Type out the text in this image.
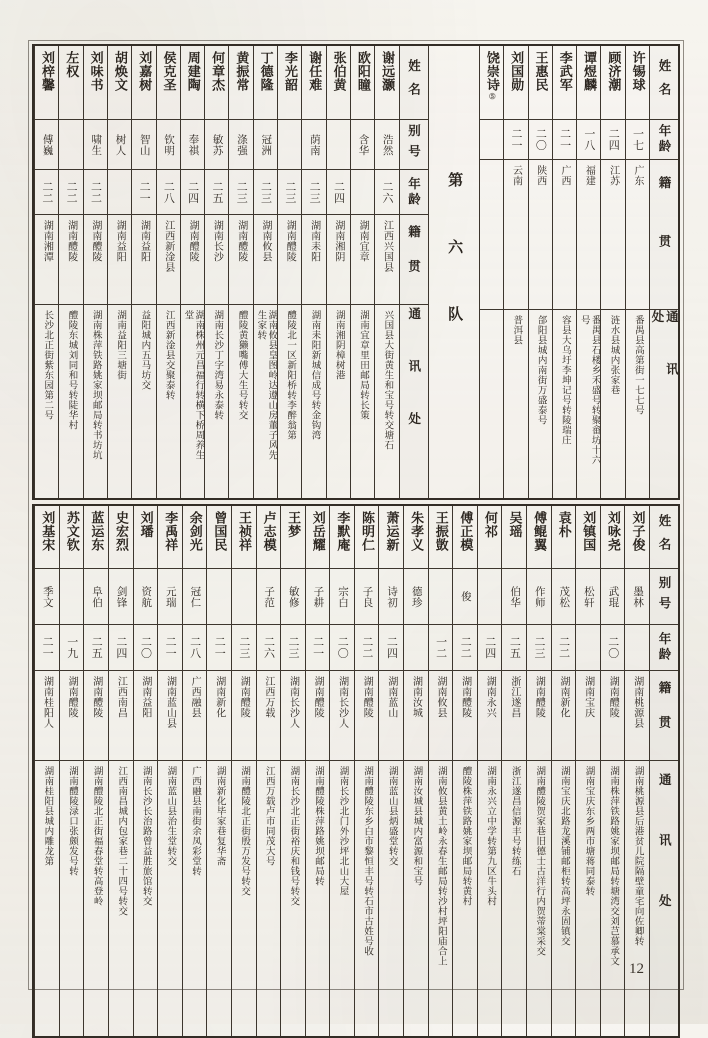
姓名
年龄
籍贯
通讯处
许锡球
一七
广东
番禺县高第街一七七号
顾济潮
二四
江苏
涟水县城内张家巷
谭煜麟
一八
福建
番禺县石楼乡禾盛号转聚畲坊十六号
李武军
二一
广西
容县大乌圩李坤记号转陵瑞庄
王惠民
二〇
陕西
郃阳县城内南街万盛泰号
刘国勋
二一
云南
普洱县
饶崇诗⑤
第六队
姓名
别号
年龄
籍贯
通讯处
谢远灏
浩然
二六
江西兴国县
兴国县大街黄生和宝号转交塘石
欧阳瞳
含华
湖南宜章
湖南宜章里田邮局转长策
张伯黄
二四
湖南湘阴
湖南湘阴樟树港
谢任难
荫南
二三
湖南耒阳
湖南耒阳新城信成号转金钩湾
李光韶
二三
湖南醴陵
醴陵北一区新阳桥转李醉翁第
丁德隆
冠洲
二三
湖南攸县
湖南攸县皇图岭达遵山房董子风先生家转
黄振常
涤强
二三
湖南醴陵
醴陵黄獭嘴傅大生号转交
何章杰
敏苏
二五
湖南长沙
湖南长沙丁字湾易永泰转
周建陶
奉祺
二四
湖南醴陵
湖南株州元昌福行转横下桥周养生堂
侯克圣
钦明
二八
江西新淦县
江西新淦县交聚泰转
刘嘉树
智山
二一
湖南益阳
益阳城内五马坊交
胡焕文
树人
湖南益阳
湖南益阳三塘街
刘味书
啸生
二二
湖南醴陵
湖南株萍铁路姚家坝邮局转书坊坑
左权
二二
湖南醴陵
醴陵东城刘同和号转陡华村
刘梓馨
傅巍
二二
湖南湘潭
长沙北正街紫东园第二号
姓名
别号
年龄
籍贯
通讯处
刘子俊
墨林
湖南桃源县
湖南桃源县后港贫儿院隔壁童宅向佐卿转
刘咏尧
武琨
二〇
湖南醴陵
湖南株萍铁路姚家坝邮局转塘湾交刘芑慕承文
刘镇国
松轩
湖南宝庆
湖南宝庆东乡两市塘蒋同泰转
袁朴
茂松
二二
湖南新化
湖南宝庆北路龙溪铺邮柜转高坪永固镇交
傅鲲翼
作师
二三
湖南醴陵
湖南醴陵贺家巷旧德士古洋行内贺蒂棠采交
吴瑶
伯华
二五
浙江遂昌
浙江遂昌信源丰号转练石
何祁
二四
湖南永兴
湖南永兴立中学转第九区牛头村
傅正模
俊
二二
湖南醴陵
醴陵株萍铁路姚家坝邮局转黄村
王振敳
一二
湖南攸县
湖南攸县黄土岭永春生邮局转沙村坪阳庙合上
朱孝义
德珍
湖南汝城
湖南汝城县城内富源和宝号
萧运新
诗初
二四
湖南蓝山
湖南蓝山县炳盛堂转交
陈明仁
子良
二二
湖南醴陵
湖南醴陵东乡白市黎恒丰号转石市古姓号收
李默庵
宗白
二〇
湖南长沙人
湖南长沙北门外沙坪北山大屋
刘岳耀
子耕
二一
湖南醴陵
湖南醴陵株萍路姚坝邮局转
王梦
敏修
二三
湖南长沙人
湖南长沙北正街裕庆和钱号转交
卢志模
子范
二六
江西万载
江西万载卢市同茂大号
王祯祥
二三
湖南醴陵
湖南醴陵北正街殷万发号转交
曾国民
二一
湖南新化
湖南新化毕家巷复华斋
余剑光
冠仁
二八
广西融县
广西融县南街余凤彩堂转
李禹祥
元瑞
二一
湖南蓝山县
湖南蓝山县治生堂转交
刘璠
资航
二〇
湖南益阳
湖南长沙长治路曾益胜旅馆转交
史宏烈
剑锋
二四
江西南昌
江西南昌城内包家巷二十四号转交
蓝运东
阜伯
二五
湖南醴陵
湖南醴陵北正街福春堂转高登岭
苏文钦
一九
湖南醴陵
湖南醴陵渌口张颇发号转
刘基宋
季文
二一
湖南桂阳人
湖南桂阳县城内雕龙第
12
